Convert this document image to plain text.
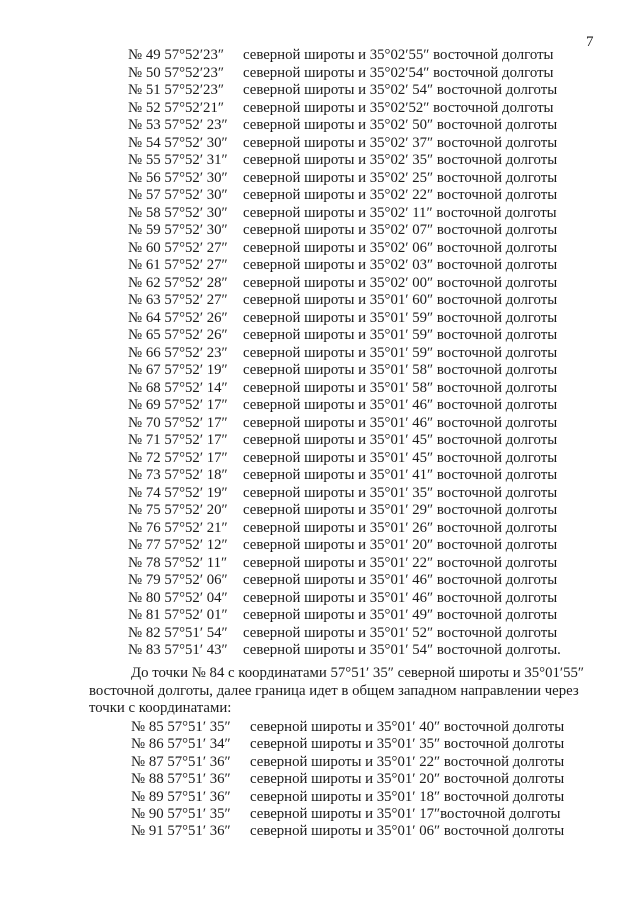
7
№ 49 57°52′23″ северной широты и 35°02′55″ восточной долготы
№ 50 57°52′23″ северной широты и 35°02′54″ восточной долготы
№ 51 57°52′23″ северной широты и 35°02′ 54″ восточной долготы
№ 52 57°52′21″ северной широты и 35°02′52″ восточной долготы
№ 53 57°52′ 23″ северной широты и 35°02′ 50″ восточной долготы
№ 54 57°52′ 30″ северной широты и 35°02′ 37″ восточной долготы
№ 55 57°52′ 31″ северной широты и 35°02′ 35″ восточной долготы
№ 56 57°52′ 30″ северной широты и 35°02′ 25″ восточной долготы
№ 57 57°52′ 30″ северной широты и 35°02′ 22″ восточной долготы
№ 58 57°52′ 30″ северной широты и 35°02′ 11″ восточной долготы
№ 59 57°52′ 30″ северной широты и 35°02′ 07″ восточной долготы
№ 60 57°52′ 27″ северной широты и 35°02′ 06″ восточной долготы
№ 61 57°52′ 27″ северной широты и 35°02′ 03″ восточной долготы
№ 62 57°52′ 28″ северной широты и 35°02′ 00″ восточной долготы
№ 63 57°52′ 27″ северной широты и 35°01′ 60″ восточной долготы
№ 64 57°52′ 26″ северной широты и 35°01′ 59″ восточной долготы
№ 65 57°52′ 26″ северной широты и 35°01′ 59″ восточной долготы
№ 66 57°52′ 23″ северной широты и 35°01′ 59″ восточной долготы
№ 67 57°52′ 19″ северной широты и 35°01′ 58″ восточной долготы
№ 68 57°52′ 14″ северной широты и 35°01′ 58″ восточной долготы
№ 69 57°52′ 17″ северной широты и 35°01′ 46″ восточной долготы
№ 70 57°52′ 17″ северной широты и 35°01′ 46″ восточной долготы
№ 71 57°52′ 17″ северной широты и 35°01′ 45″ восточной долготы
№ 72 57°52′ 17″ северной широты и 35°01′ 45″ восточной долготы
№ 73 57°52′ 18″ северной широты и 35°01′ 41″ восточной долготы
№ 74 57°52′ 19″ северной широты и 35°01′ 35″ восточной долготы
№ 75 57°52′ 20″ северной широты и 35°01′ 29″ восточной долготы
№ 76 57°52′ 21″ северной широты и 35°01′ 26″ восточной долготы
№ 77 57°52′ 12″ северной широты и 35°01′ 20″ восточной долготы
№ 78 57°52′ 11″ северной широты и 35°01′ 22″ восточной долготы
№ 79 57°52′ 06″ северной широты и 35°01′ 46″ восточной долготы
№ 80 57°52′ 04″ северной широты и 35°01′ 46″ восточной долготы
№ 81 57°52′ 01″ северной широты и 35°01′ 49″ восточной долготы
№ 82 57°51′ 54″ северной широты и 35°01′ 52″ восточной долготы
№ 83 57°51′ 43″ северной широты и 35°01′ 54″ восточной долготы.

До точки № 84 с координатами 57°51′ 35″ северной широты и 35°01′55″
восточной долготы, далее граница идет в общем западном направлении через
точки с координатами:

№ 85 57°51′ 35″ северной широты и 35°01′ 40″ восточной долготы
№ 86 57°51′ 34″ северной широты и 35°01′ 35″ восточной долготы
№ 87 57°51′ 36″ северной широты и 35°01′ 22″ восточной долготы
№ 88 57°51′ 36″ северной широты и 35°01′ 20″ восточной долготы
№ 89 57°51′ 36″ северной широты и 35°01′ 18″ восточной долготы
№ 90 57°51′ 35″ северной широты и 35°01′ 17″восточной долготы
№ 91 57°51′ 36″ северной широты и 35°01′ 06″ восточной долготы
